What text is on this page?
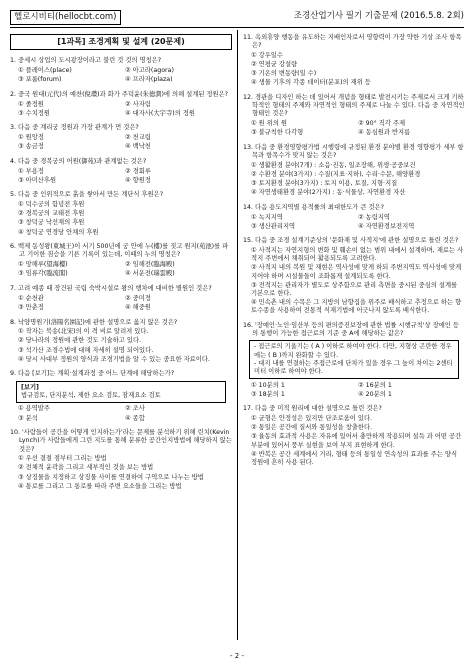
헬로시비티(hellocbt.com)	조경산업기사 필기 기출문제 (2016.5.8. 2회)
[1과목] 조경계획 및 설계 (20문제)
1. 중세시 상업의 도시광장이라고 불린 것 것의 명칭은?
① 플레이스(place)	② 아고라(agora)
③ 포룸(forum)	④ 프라자(plaza)
2. 중국 원대(元代)의 예찬(倪瓚)과 화가 주덕윤(朱德潤)에 의해 설계된 정원은?
① 졸정원	② 사자림
③ 수치정원	④ 대자사(大宇寺)의 정원
3. 다음 중 계리궁 정원과 가장 관계가 먼 것은?
① 원앙정	② 천교립
③ 송금정	④ 백낙천
4. 다음 중 경복궁의 어원(御苑)과 관계없는 것은?
① 부용정	② 경회루
③ 아미산후원	④ 향원정
5. 다음 중 인위적으로 흙을 쌓아서 만든 계단식 후원은?
① 덕수궁의 함녕전 후원
② 경복궁의 교태전 후원
③ 창덕궁 낙선재의 후원
④ 창덕궁 연경당 안채의 후원
6. 백제 동성왕(東城王)이 서기 500년에 궁 안에 누(樓)를 짓고 원지(苑池)를 파고 기이한 짐승을 기른 기록이 있는데, 이때의 누의 명칭은?
① 망해루(望海樓)	② 임해전(臨海殿)
③ 임류각(臨流閣)	④ 서운전(瑞雲殿)
7. 고려 예종 때 장건된 국립 숙박시설로 왕의 행차에 대비한 별원인 것은?
① 순천관	② 중미정
③ 만춘정	④ 해중원
8. 낙양명원기(洛陽名園記)에 관한 설명으로 옳지 않은 것은?
① 작자는 북송(北宋)의 이 격 비로 알려져 있다.
② 당나라의 정원에 관한 것도 기술하고 있다.
③ 석가산 조경수법에 대해 자세히 설명 되어있다.
④ 당시 사대부 정원의 양식과 조경기법을 알 수 있는 중요한 자료이다.
9. 다음 [보기]는 계획·설계과정 중 어느 단계에 해당하는가?
[보기]
법규검토, 단지분석, 제한 요소 검토, 잠재요소 검토
① 용역발주	② 조사
③ 분석	④ 종합
10. '사람들이 공간을 어떻게 인지하는가'라는 문제를 분석하기 위해 린치(Kevin Lynch)가 사람들에게 그린 지도를 통해 분류한 공간인지방법에 해당하지 않는 것은?
① 우선 결절 점부터 그리는 방법
② 전체적 윤곽을 그리고 세부적인 것을 보는 방법
③ 상징물을 지정하고 상징물 사이를 연결하여 구역으로 나누는 방법
④ 통로를 그리고 그 통로를 따라 주변 요소들을 그리는 방법
11. 옥외휴양 행동을 유도하는 지배인자로서 영향력이 가장 약한 기상 조사 항목은?
① 강우일수
② 연평균 강설량
③ 기온의 변동량(일 수)
④ 생물 기후의 각종 데이터(분포)의 재위 등
12. 경관을 디자인 하는 데 있어서 개념을 형태로 발전시키는 주제로서 크게 기하학적인 형태의 주제와 자연적인 형태의 주제로 나눌 수 있다. 다음 중 자연적인 형태인 것은?
① 원 위의 원	② 90° 직각 주제
③ 불규칙한 다각형	④ 동심원과 반지름
13. 다음 중 환경영향평가법 시행령에 규정된 환경 분야별 환경 영향평가 세부 항목과 항목수가 맞지 않는 것은?
① 생활환경 분야(7개) : 소음·진동, 일조장해, 위생·공중보건
② 수환경 분야(3가지) : 수질(지표·지하), 수리·수문, 해양환경
③ 토지환경 분야(3가지) : 토지 이용, 토질, 지형·지질
④ 자연생태환경 분야(2가지) : 동·식물상, 자연환경 자산
14. 다음 용도지역별 용적률의 최대한도가 큰 것은?
① 녹지지역	② 농림지역
③ 생산관리지역	④ 자연환경보전지역
15. 다음 중 조경 설계기준상의 '문화재 및 사적지'에 관한 설명으로 틀린 것은?
① 사적지는 자연지형의 변화 및 훼손이 없는 범위 내에서 설계하며, 재료는 사적지 주변에서 채취되어 활용되도록 고려한다.
② 사적지 내의 복원 및 재현은 역사성에 맞게 하되 주변지역도 역사성에 맞게 지어야 하며 시설물들이 조화롭게 설계되도록 한다.
③ 전적지는 관리자가 별도로 상주함으로 관리 측면을 중시된 중심의 설계를 기본으로 한다.
④ 민속촌 내의 수목은 그 지방의 남향집을 위주로 배식하고 추정으로 하는 향토수종을 사용하여 전통적 식재기법에 어긋나지 않도록 배식한다.
16. '장애인·노인·임산부 등의 편의증진보장에 관한 법률 시행규칙'상 장애인 등의 통행이 가능한 접근로의 기준 중 A에 해당하는 값은?
- 접근로의 기울기는 ( A ) 이하로 하여야 한다. 다만, 지형상 곤란한 경우에는 ( B )까지 완화할 수 있다.
- 대지 내를 연결하는 주접근로에 단차가 있을 경우 그 높이 차이는 2센티미터 이하로 하여야 한다.
① 10분의 1	② 16분의 1
③ 18분의 1	④ 20분의 1
17. 다음 중 미적 원리에 대한 설명으로 틀린 것은?
① 균형은 안정성은 있지만 단조로움이 있다.
② 통일은 공간에 질서와 통일성을 창출한다.
③ 율동의 효과적 사용은 자유에 있어서 충만하게 작용되며 설득 과 어떤 공간 부분에 있어서 풍부 실현을 보여 부지 표현하게 한다.
④ 반복은 공간 세계에서 거리, 형태 등의 통일성 연속성의 효과를 주는 양식 정원에 흔히 사용 된다.
- 2 -
